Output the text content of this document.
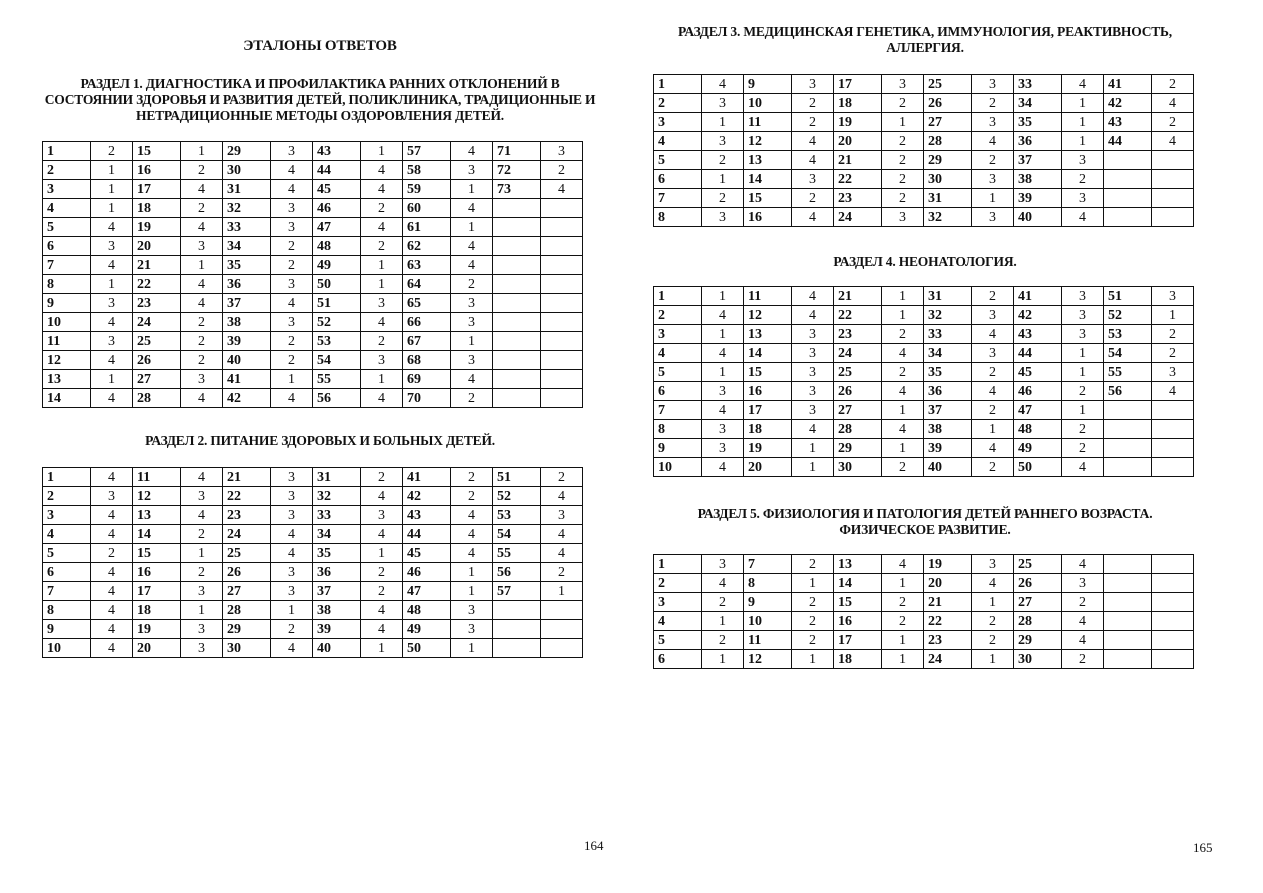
ЭТАЛОНЫ ОТВЕТОВ
РАЗДЕЛ 1. ДИАГНОСТИКА И ПРОФИЛАКТИКА РАННИХ ОТКЛОНЕНИЙ В
СОСТОЯНИИ ЗДОРОВЬЯ И РАЗВИТИЯ ДЕТЕЙ, ПОЛИКЛИНИКА, ТРАДИЦИОННЫЕ И
НЕТРАДИЦИОННЫЕ МЕТОДЫ ОЗДОРОВЛЕНИЯ ДЕТЕЙ.
1	2	15	1	29	3	43	1	57	4	71	3
2	1	16	2	30	4	44	4	58	3	72	2
3	1	17	4	31	4	45	4	59	1	73	4
4	1	18	2	32	3	46	2	60	4		
5	4	19	4	33	3	47	4	61	1		
6	3	20	3	34	2	48	2	62	4		
7	4	21	1	35	2	49	1	63	4		
8	1	22	4	36	3	50	1	64	2		
9	3	23	4	37	4	51	3	65	3		
10	4	24	2	38	3	52	4	66	3		
11	3	25	2	39	2	53	2	67	1		
12	4	26	2	40	2	54	3	68	3		
13	1	27	3	41	1	55	1	69	4		
14	4	28	4	42	4	56	4	70	2		
РАЗДЕЛ 2. ПИТАНИЕ ЗДОРОВЫХ И БОЛЬНЫХ ДЕТЕЙ.
1	4	11	4	21	3	31	2	41	2	51	2
2	3	12	3	22	3	32	4	42	2	52	4
3	4	13	4	23	3	33	3	43	4	53	3
4	4	14	2	24	4	34	4	44	4	54	4
5	2	15	1	25	4	35	1	45	4	55	4
6	4	16	2	26	3	36	2	46	1	56	2
7	4	17	3	27	3	37	2	47	1	57	1
8	4	18	1	28	1	38	4	48	3		
9	4	19	3	29	2	39	4	49	3		
10	4	20	3	30	4	40	1	50	1		
164
РАЗДЕЛ 3. МЕДИЦИНСКАЯ ГЕНЕТИКА, ИММУНОЛОГИЯ, РЕАКТИВНОСТЬ,
АЛЛЕРГИЯ.
1	4	9	3	17	3	25	3	33	4	41	2
2	3	10	2	18	2	26	2	34	1	42	4
3	1	11	2	19	1	27	3	35	1	43	2
4	3	12	4	20	2	28	4	36	1	44	4
5	2	13	4	21	2	29	2	37	3		
6	1	14	3	22	2	30	3	38	2		
7	2	15	2	23	2	31	1	39	3		
8	3	16	4	24	3	32	3	40	4		
РАЗДЕЛ 4. НЕОНАТОЛОГИЯ.
1	1	11	4	21	1	31	2	41	3	51	3
2	4	12	4	22	1	32	3	42	3	52	1
3	1	13	3	23	2	33	4	43	3	53	2
4	4	14	3	24	4	34	3	44	1	54	2
5	1	15	3	25	2	35	2	45	1	55	3
6	3	16	3	26	4	36	4	46	2	56	4
7	4	17	3	27	1	37	2	47	1		
8	3	18	4	28	4	38	1	48	2		
9	3	19	1	29	1	39	4	49	2		
10	4	20	1	30	2	40	2	50	4		
РАЗДЕЛ 5. ФИЗИОЛОГИЯ И ПАТОЛОГИЯ ДЕТЕЙ РАННЕГО ВОЗРАСТА.
ФИЗИЧЕСКОЕ РАЗВИТИЕ.
1	3	7	2	13	4	19	3	25	4		
2	4	8	1	14	1	20	4	26	3		
3	2	9	2	15	2	21	1	27	2		
4	1	10	2	16	2	22	2	28	4		
5	2	11	2	17	1	23	2	29	4		
6	1	12	1	18	1	24	1	30	2		
165
